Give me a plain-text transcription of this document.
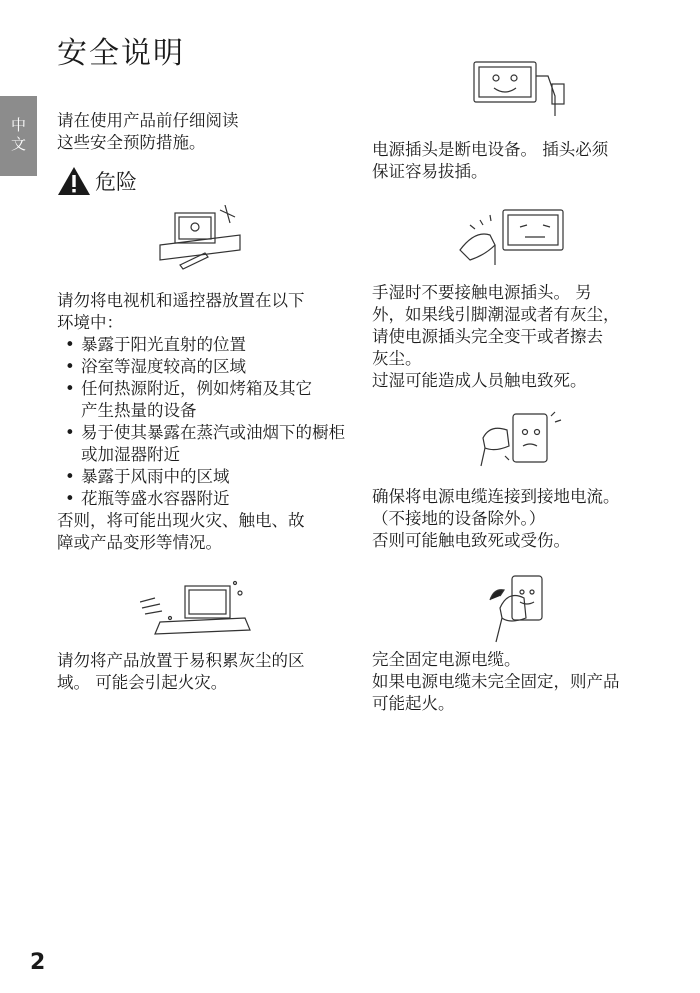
安全说明
中文	请在使用产品前仔细阅读

这些安全预防措施。

危险

请勿将电视机和遥控器放置在以下

环境中：

• 暴露于阳光直射的位置
• 浴室等湿度较高的区域
• 任何热源附近，例如烤箱及其它产生热量的设备
• 易于使其暴露在蒸汽或油烟下的橱柜或加湿器附近
• 暴露于风雨中的区域
• 花瓶等盛水容器附近

否则，将可能出现火灾、触电、故

障或产品变形等情况。

请勿将产品放置于易积累灰尘的区

域。 可能会引起火灾。

电源插头是断电设备。 插头必须

保证容易拔插。

手湿时不要接触电源插头。 另

外，如果线引脚潮湿或者有灰尘，

请使电源插头完全变干或者擦去

灰尘。

过湿可能造成人员触电致死。

确保将电源电缆连接到接地电流。

（不接地的设备除外。）

否则可能触电致死或受伤。

完全固定电源电缆。

如果电源电缆未完全固定，则产品

可能起火。

2
